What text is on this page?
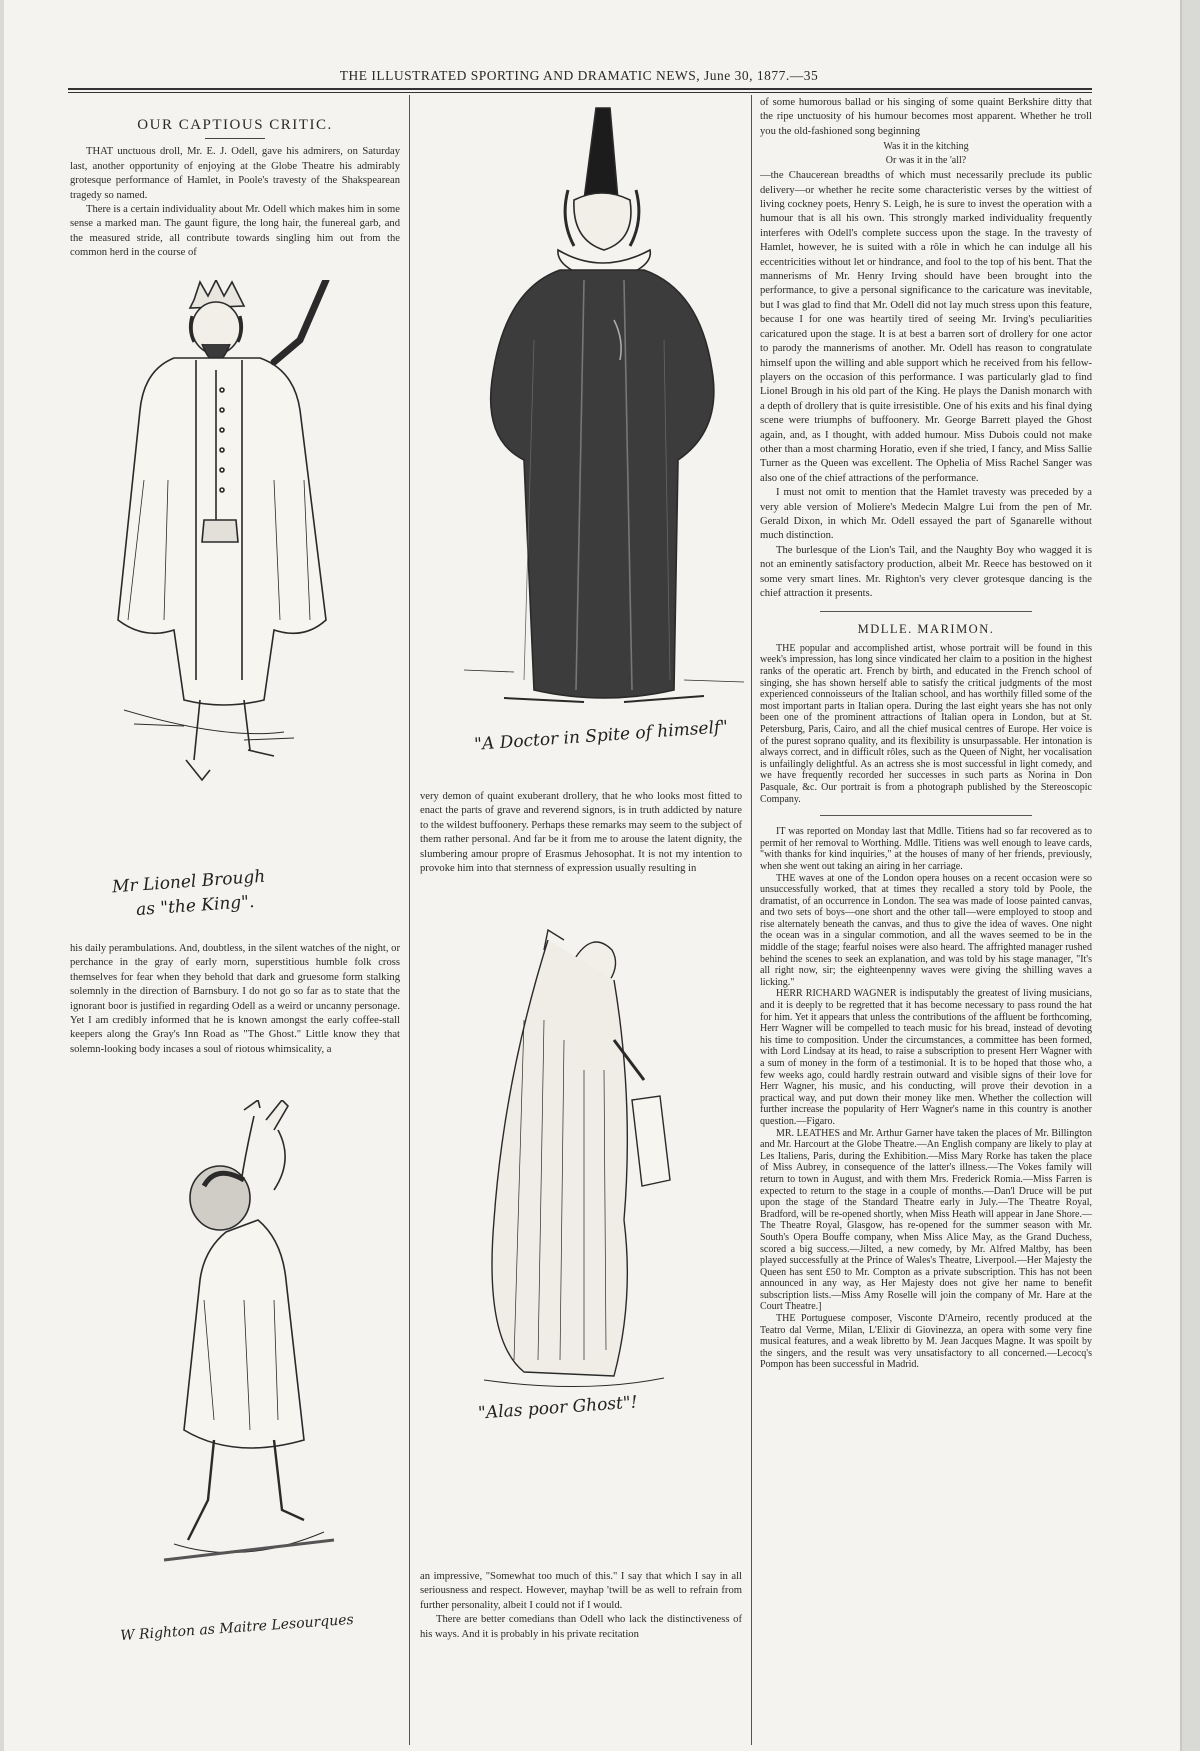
THE ILLUSTRATED SPORTING AND DRAMATIC NEWS, June 30, 1877.—35
OUR CAPTIOUS CRITIC.

THAT unctuous droll, Mr. E. J. Odell, gave his admirers, on Saturday last, another opportunity of enjoying at the Globe Theatre his admirably grotesque performance of Hamlet, in Poole's travesty of the Shakspearean tragedy so named.

There is a certain individuality about Mr. Odell which makes him in some sense a marked man. The gaunt figure, the long hair, the funereal garb, and the measured stride, all contribute towards singling him out from the common herd in the course of

Mr Lionel Brough
as "the King".

his daily perambulations. And, doubtless, in the silent watches of the night, or perchance in the gray of early morn, superstitious humble folk cross themselves for fear when they behold that dark and gruesome form stalking solemnly in the direction of Barnsbury. I do not go so far as to state that the ignorant boor is justified in regarding Odell as a weird or uncanny personage. Yet I am credibly informed that he is known amongst the early coffee-stall keepers along the Gray's Inn Road as "The Ghost." Little know they that solemn-looking body incases a soul of riotous whimsicality, a

W Righton as Maitre Lesourques
"A Doctor in Spite of himself"

very demon of quaint exuberant drollery, that he who looks most fitted to enact the parts of grave and reverend signors, is in truth addicted by nature to the wildest buffoonery. Perhaps these remarks may seem to the subject of them rather personal. And far be it from me to arouse the latent dignity, the slumbering amour propre of Erasmus Jehosophat. It is not my intention to provoke him into that sternness of expression usually resulting in

"Alas poor Ghost"!

an impressive, "Somewhat too much of this." I say that which I say in all seriousness and respect. However, mayhap 'twill be as well to refrain from further personality, albeit I could not if I would.

There are better comedians than Odell who lack the distinctiveness of his ways. And it is probably in his private recitation

of some humorous ballad or his singing of some quaint Berkshire ditty that the ripe unctuosity of his humour becomes most apparent. Whether he troll you the old-fashioned song beginning

Was it in the kitching
Or was it in the 'all?

—the Chaucerean breadths of which must necessarily preclude its public delivery—or whether he recite some characteristic verses by the wittiest of living cockney poets, Henry S. Leigh, he is sure to invest the operation with a humour that is all his own. This strongly marked individuality frequently interferes with Odell's complete success upon the stage. In the travesty of Hamlet, however, he is suited with a rôle in which he can indulge all his eccentricities without let or hindrance, and fool to the top of his bent. That the mannerisms of Mr. Henry Irving should have been brought into the performance, to give a personal significance to the caricature was inevitable, but I was glad to find that Mr. Odell did not lay much stress upon this feature, because I for one was heartily tired of seeing Mr. Irving's peculiarities caricatured upon the stage. It is at best a barren sort of drollery for one actor to parody the mannerisms of another. Mr. Odell has reason to congratulate himself upon the willing and able support which he received from his fellow-players on the occasion of this performance. I was particularly glad to find Lionel Brough in his old part of the King. He plays the Danish monarch with a depth of drollery that is quite irresistible. One of his exits and his final dying scene were triumphs of buffoonery. Mr. George Barrett played the Ghost again, and, as I thought, with added humour. Miss Dubois could not make other than a most charming Horatio, even if she tried, I fancy, and Miss Sallie Turner as the Queen was excellent. The Ophelia of Miss Rachel Sanger was also one of the chief attractions of the performance.

I must not omit to mention that the Hamlet travesty was preceded by a very able version of Moliere's Medecin Malgre Lui from the pen of Mr. Gerald Dixon, in which Mr. Odell essayed the part of Sganarelle without much distinction.

The burlesque of the Lion's Tail, and the Naughty Boy who wagged it is not an eminently satisfactory production, albeit Mr. Reece has bestowed on it some very smart lines. Mr. Righton's very clever grotesque dancing is the chief attraction it presents.

MDLLE. MARIMON.

THE popular and accomplished artist, whose portrait will be found in this week's impression, has long since vindicated her claim to a position in the highest ranks of the operatic art. French by birth, and educated in the French school of singing, she has shown herself able to satisfy the critical judgments of the most experienced connoisseurs of the Italian school, and has worthily filled some of the most important parts in Italian opera. During the last eight years she has not only been one of the prominent attractions of Italian opera in London, but at St. Petersburg, Paris, Cairo, and all the chief musical centres of Europe. Her voice is of the purest soprano quality, and its flexibility is unsurpassable. Her intonation is always correct, and in difficult rôles, such as the Queen of Night, her vocalisation is unfailingly delightful. As an actress she is most successful in light comedy, and we have frequently recorded her successes in such parts as Norina in Don Pasquale, &c. Our portrait is from a photograph published by the Stereoscopic Company.

IT was reported on Monday last that Mdlle. Titiens had so far recovered as to permit of her removal to Worthing. Mdlle. Titiens was well enough to leave cards, "with thanks for kind inquiries," at the houses of many of her friends, previously, when she went out taking an airing in her carriage.

THE waves at one of the London opera houses on a recent occasion were so unsuccessfully worked, that at times they recalled a story told by Poole, the dramatist, of an occurrence in London. The sea was made of loose painted canvas, and two sets of boys—one short and the other tall—were employed to stoop and rise alternately beneath the canvas, and thus to give the idea of waves. One night the ocean was in a singular commotion, and all the waves seemed to be in the middle of the stage; fearful noises were also heard. The affrighted manager rushed behind the scenes to seek an explanation, and was told by his stage manager, "It's all right now, sir; the eighteenpenny waves were giving the shilling waves a licking."

HERR RICHARD WAGNER is indisputably the greatest of living musicians, and it is deeply to be regretted that it has become necessary to pass round the hat for him. Yet it appears that unless the contributions of the affluent be forthcoming, Herr Wagner will be compelled to teach music for his bread, instead of devoting his time to composition. Under the circumstances, a committee has been formed, with Lord Lindsay at its head, to raise a subscription to present Herr Wagner with a sum of money in the form of a testimonial. It is to be hoped that those who, a few weeks ago, could hardly restrain outward and visible signs of their love for Herr Wagner, his music, and his conducting, will prove their devotion in a practical way, and put down their money like men. Whether the collection will further increase the popularity of Herr Wagner's name in this country is another question.—Figaro.

MR. LEATHES and Mr. Arthur Garner have taken the places of Mr. Billington and Mr. Harcourt at the Globe Theatre.—An English company are likely to play at Les Italiens, Paris, during the Exhibition.—Miss Mary Rorke has taken the place of Miss Aubrey, in consequence of the latter's illness.—The Vokes family will return to town in August, and with them Mrs. Frederick Romia.—Miss Farren is expected to return to the stage in a couple of months.—Dan'l Druce will be put upon the stage of the Standard Theatre early in July.—The Theatre Royal, Bradford, will be re-opened shortly, when Miss Heath will appear in Jane Shore.—The Theatre Royal, Glasgow, has re-opened for the summer season with Mr. South's Opera Bouffe company, when Miss Alice May, as the Grand Duchess, scored a big success.—Jilted, a new comedy, by Mr. Alfred Maltby, has been played successfully at the Prince of Wales's Theatre, Liverpool.—Her Majesty the Queen has sent £50 to Mr. Compton as a private subscription. This has not been announced in any way, as Her Majesty does not give her name to benefit subscription lists.—Miss Amy Roselle will join the company of Mr. Hare at the Court Theatre.]

THE Portuguese composer, Visconte D'Arneiro, recently produced at the Teatro dal Verme, Milan, L'Elixir di Giovinezza, an opera with some very fine musical features, and a weak libretto by M. Jean Jacques Magne. It was spoilt by the singers, and the result was very unsatisfactory to all concerned.—Lecocq's Pompon has been successful in Madrid.
